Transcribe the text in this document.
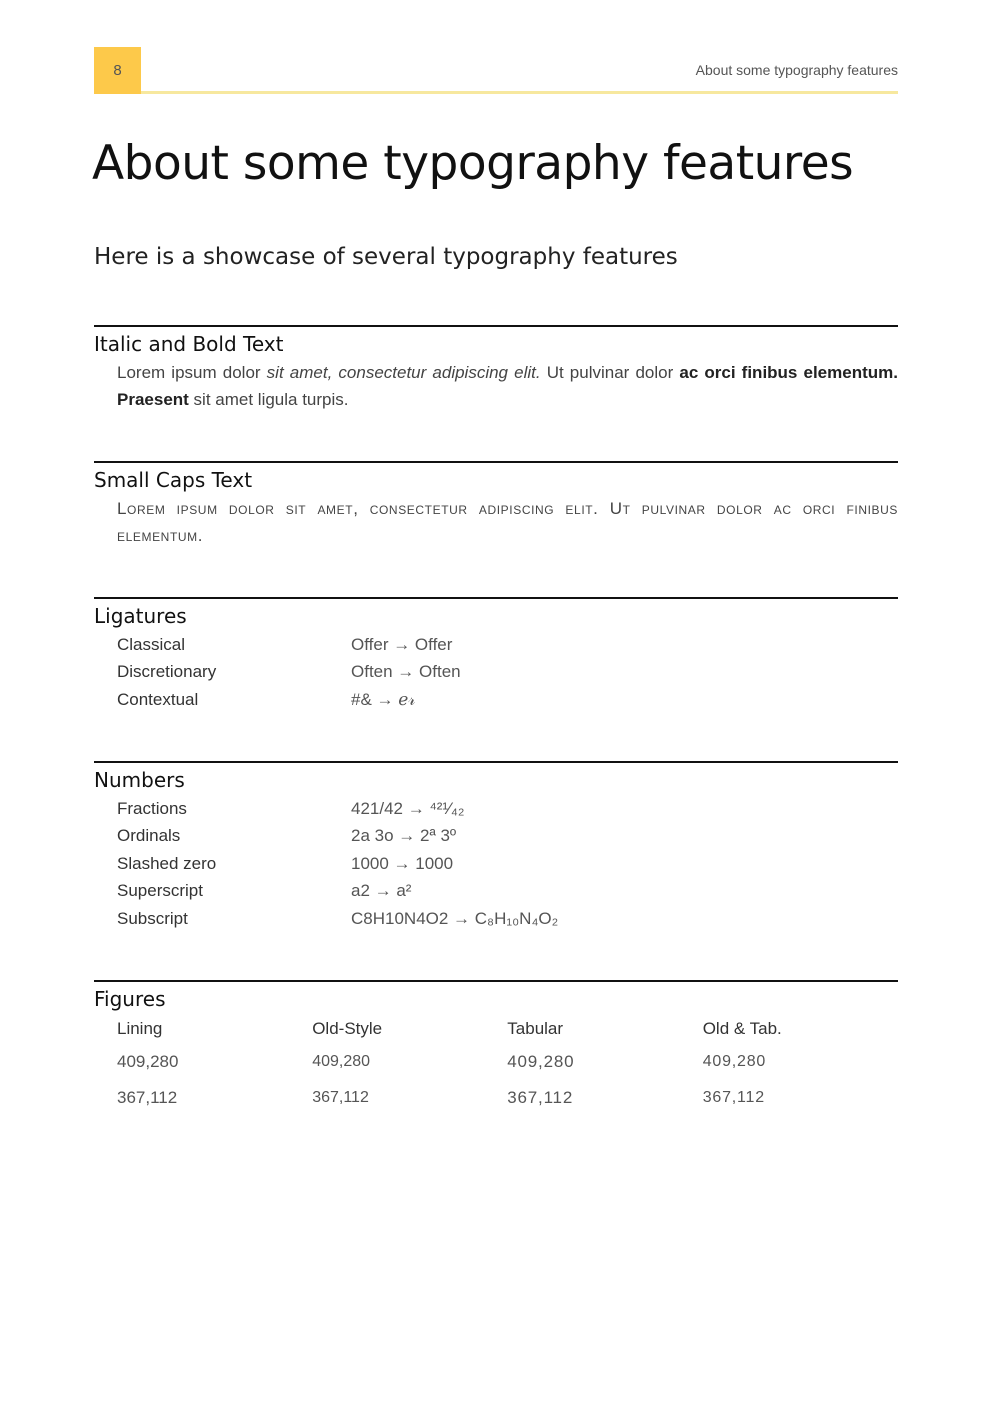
8	About some typography features
About some typography features
Here is a showcase of several typography features
Italic and Bold Text

Lorem ipsum dolor sit amet, consectetur adipiscing elit. Ut pulvinar dolor ac orci finibus elementum. Praesent sit amet ligula turpis.

Small Caps Text

Lorem ipsum dolor sit amet, consectetur adipiscing elit. Ut pulvinar dolor ac orci finibus elementum.

Ligatures
Classical	Offer → Offer
Discretionary	Often → Often
Contextual	#& → ℯ𝓇
Numbers
Fractions	421/42 → ⁴²¹⁄₄₂
Ordinals	2a 3o → 2ª 3º
Slashed zero	1000 → 1000
Superscript	a2 → a²
Subscript	C8H10N4O2 → C₈H₁₀N₄O₂
Figures
Lining	Old-Style	Tabular	Old & Tab.
409,280	409,280	409,280	409,280
367,112	367,112	367,112	367,112
